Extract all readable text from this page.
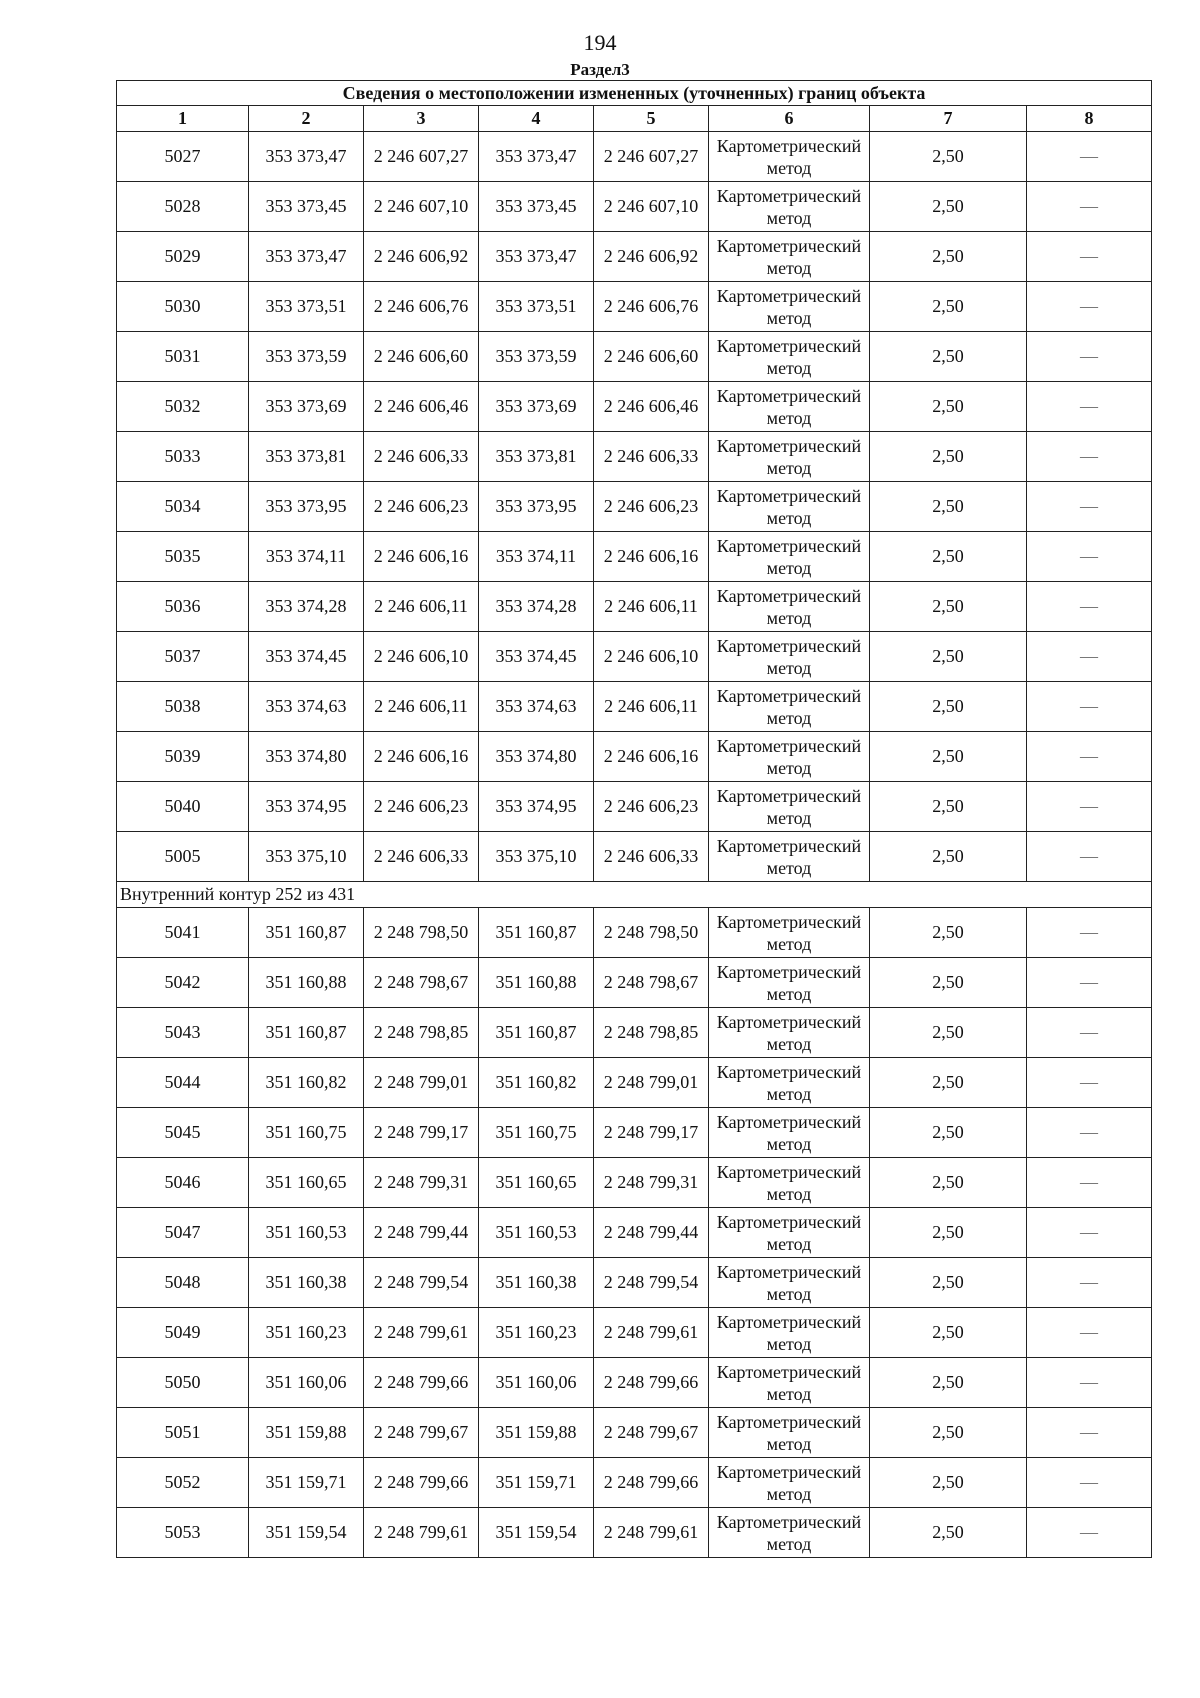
194
Раздел3
Сведения о местоположении измененных (уточненных) границ объекта							
1	2	3	4	5	6	7	8
5027	353 373,47	2 246 607,27	353 373,47	2 246 607,27	Картометрический метод	2,50	—
5028	353 373,45	2 246 607,10	353 373,45	2 246 607,10	Картометрический метод	2,50	—
5029	353 373,47	2 246 606,92	353 373,47	2 246 606,92	Картометрический метод	2,50	—
5030	353 373,51	2 246 606,76	353 373,51	2 246 606,76	Картометрический метод	2,50	—
5031	353 373,59	2 246 606,60	353 373,59	2 246 606,60	Картометрический метод	2,50	—
5032	353 373,69	2 246 606,46	353 373,69	2 246 606,46	Картометрический метод	2,50	—
5033	353 373,81	2 246 606,33	353 373,81	2 246 606,33	Картометрический метод	2,50	—
5034	353 373,95	2 246 606,23	353 373,95	2 246 606,23	Картометрический метод	2,50	—
5035	353 374,11	2 246 606,16	353 374,11	2 246 606,16	Картометрический метод	2,50	—
5036	353 374,28	2 246 606,11	353 374,28	2 246 606,11	Картометрический метод	2,50	—
5037	353 374,45	2 246 606,10	353 374,45	2 246 606,10	Картометрический метод	2,50	—
5038	353 374,63	2 246 606,11	353 374,63	2 246 606,11	Картометрический метод	2,50	—
5039	353 374,80	2 246 606,16	353 374,80	2 246 606,16	Картометрический метод	2,50	—
5040	353 374,95	2 246 606,23	353 374,95	2 246 606,23	Картометрический метод	2,50	—
5005	353 375,10	2 246 606,33	353 375,10	2 246 606,33	Картометрический метод	2,50	—
Внутренний контур 252 из 431							
5041	351 160,87	2 248 798,50	351 160,87	2 248 798,50	Картометрический метод	2,50	—
5042	351 160,88	2 248 798,67	351 160,88	2 248 798,67	Картометрический метод	2,50	—
5043	351 160,87	2 248 798,85	351 160,87	2 248 798,85	Картометрический метод	2,50	—
5044	351 160,82	2 248 799,01	351 160,82	2 248 799,01	Картометрический метод	2,50	—
5045	351 160,75	2 248 799,17	351 160,75	2 248 799,17	Картометрический метод	2,50	—
5046	351 160,65	2 248 799,31	351 160,65	2 248 799,31	Картометрический метод	2,50	—
5047	351 160,53	2 248 799,44	351 160,53	2 248 799,44	Картометрический метод	2,50	—
5048	351 160,38	2 248 799,54	351 160,38	2 248 799,54	Картометрический метод	2,50	—
5049	351 160,23	2 248 799,61	351 160,23	2 248 799,61	Картометрический метод	2,50	—
5050	351 160,06	2 248 799,66	351 160,06	2 248 799,66	Картометрический метод	2,50	—
5051	351 159,88	2 248 799,67	351 159,88	2 248 799,67	Картометрический метод	2,50	—
5052	351 159,71	2 248 799,66	351 159,71	2 248 799,66	Картометрический метод	2,50	—
5053	351 159,54	2 248 799,61	351 159,54	2 248 799,61	Картометрический метод	2,50	—
